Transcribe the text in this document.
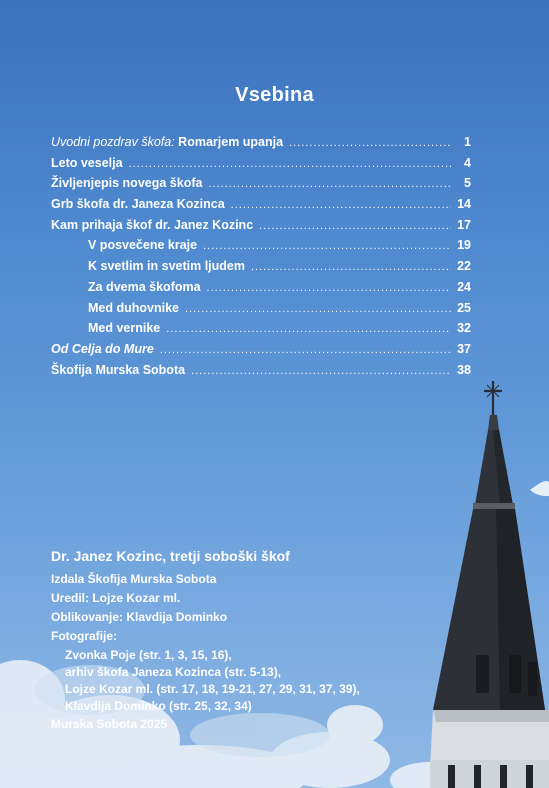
Vsebina
Uvodni pozdrav škofa: Romarjem upanja .....	1
Leto veselja .....	4
Življenjepis novega škofa .....	5
Grb škofa dr. Janeza Kozinca .....	14
Kam prihaja škof dr. Janez Kozinc .....	17
V posvečene kraje .....	19
K svetlim in svetim ljudem .....	22
Za dvema škofoma .....	24
Med duhovnike .....	25
Med vernike .....	32
Od Celja do Mure .....	37
Škofija Murska Sobota .....	38
Dr. Janez Kozinc, tretji soboški škof
Izdala Škofija Murska Sobota
Uredil: Lojze Kozar ml.
Oblikovanje: Klavdija Dominko
Fotografije:
Zvonka Poje (str. 1, 3, 15, 16),
arhiv škofa Janeza Kozinca (str. 5-13),
Lojze Kozar ml. (str. 17, 18, 19-21, 27, 29, 31, 37, 39),
Klavdija Dominko (str. 25, 32, 34)
Murska Sobota 2025
